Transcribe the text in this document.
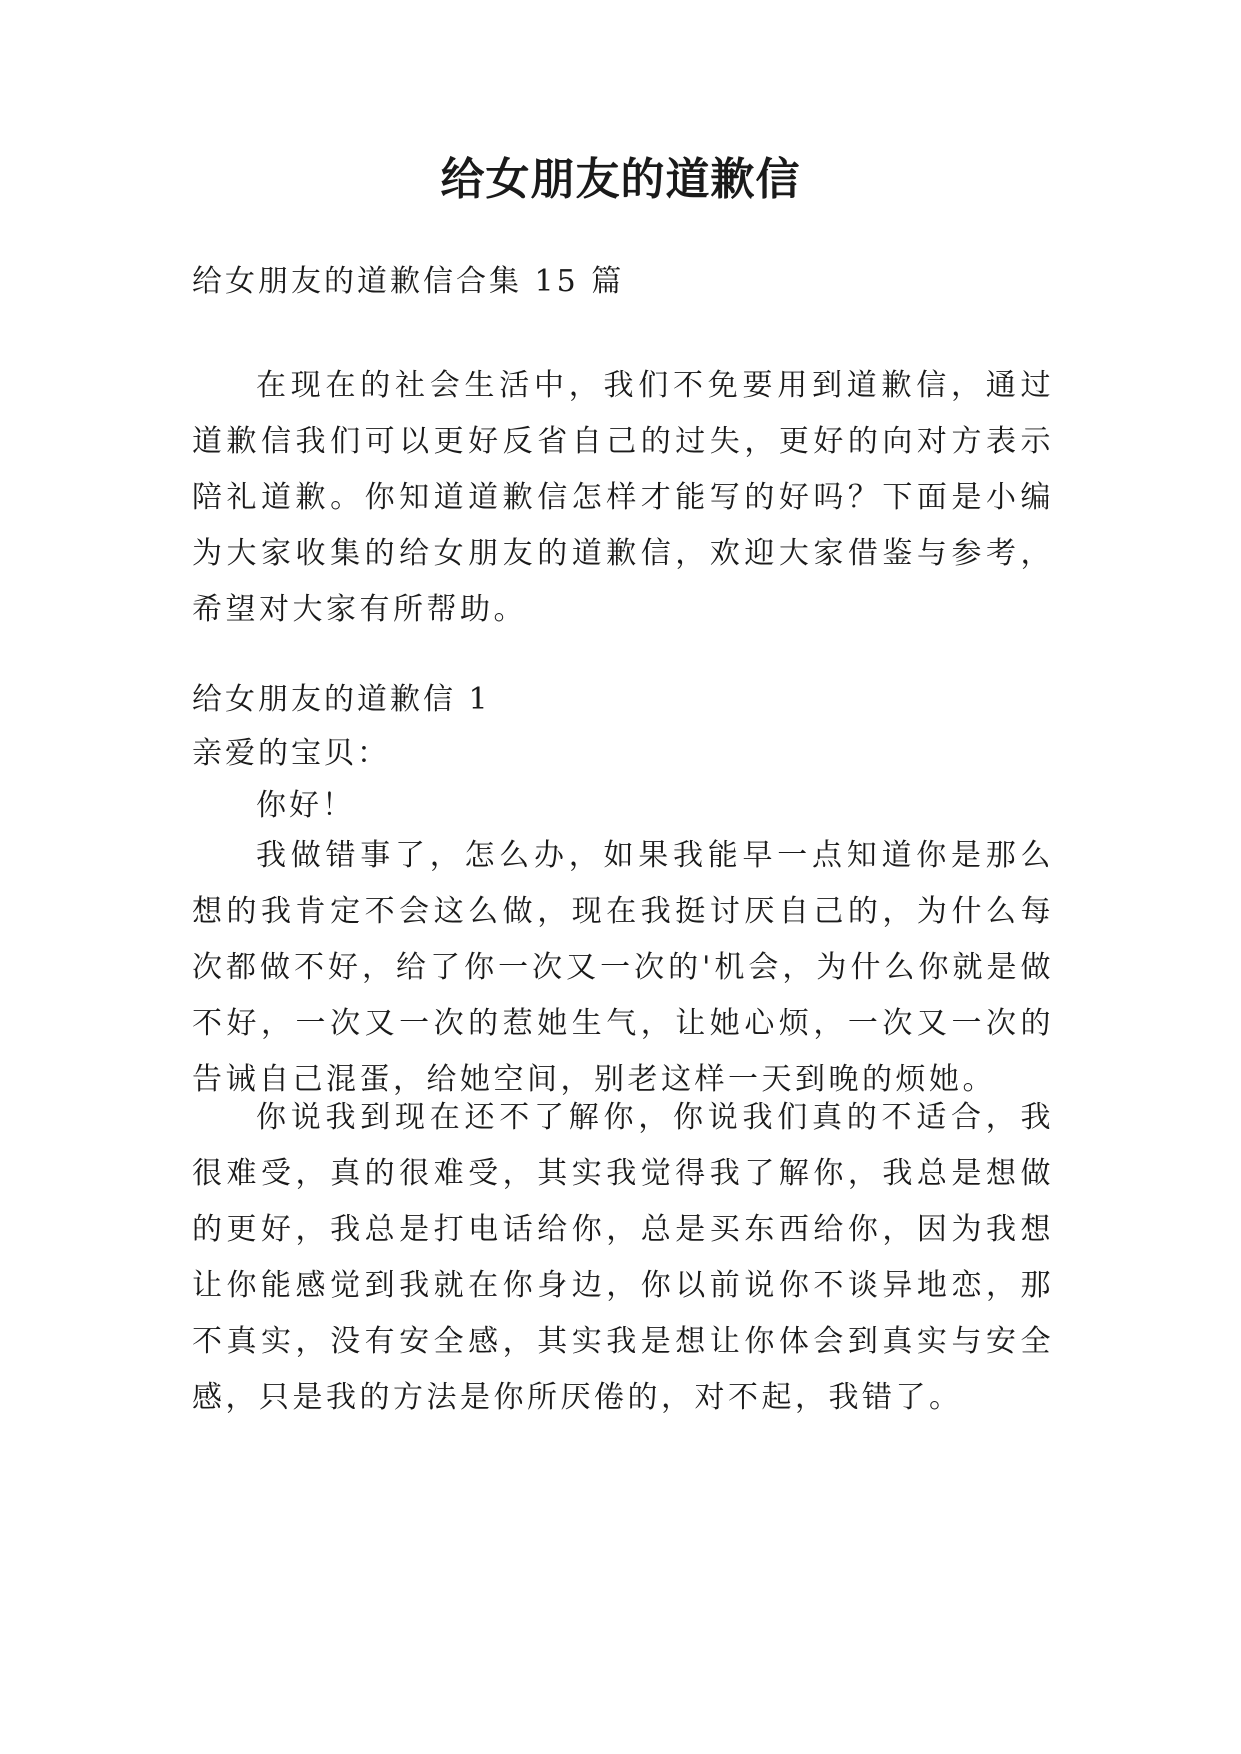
给女朋友的道歉信

给女朋友的道歉信合集 15 篇

在现在的社会生活中，我们不免要用到道歉信，通过道歉信我们可以更好反省自己的过失，更好的向对方表示陪礼道歉。你知道道歉信怎样才能写的好吗？下面是小编为大家收集的给女朋友的道歉信，欢迎大家借鉴与参考，希望对大家有所帮助。

给女朋友的道歉信 1

亲爱的宝贝：

你好！

我做错事了，怎么办，如果我能早一点知道你是那么想的我肯定不会这么做，现在我挺讨厌自己的，为什么每次都做不好，给了你一次又一次的'机会，为什么你就是做不好，一次又一次的惹她生气，让她心烦，一次又一次的告诫自己混蛋，给她空间，别老这样一天到晚的烦她。

你说我到现在还不了解你，你说我们真的不适合，我很难受，真的很难受，其实我觉得我了解你，我总是想做的更好，我总是打电话给你，总是买东西给你，因为我想让你能感觉到我就在你身边，你以前说你不谈异地恋，那不真实，没有安全感，其实我是想让你体会到真实与安全感，只是我的方法是你所厌倦的，对不起，我错了。
